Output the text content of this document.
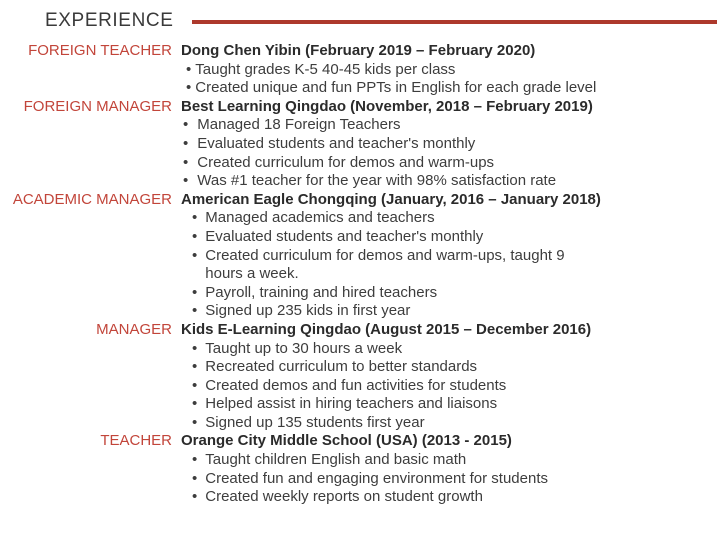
EXPERIENCE
FOREIGN TEACHER Dong Chen Yibin (February 2019 – February 2020)
• Taught grades K-5 40-45 kids per class
• Created unique and fun PPTs in English for each grade level
FOREIGN MANAGER Best Learning Qingdao (November, 2018 – February 2019)
• Managed 18 Foreign Teachers
• Evaluated students and teacher's monthly
• Created curriculum for demos and warm-ups
• Was #1 teacher for the year with 98% satisfaction rate
ACADEMIC MANAGER American Eagle Chongqing (January, 2016 – January 2018)
• Managed academics and teachers
• Evaluated students and teacher's monthly
• Created curriculum for demos and warm-ups, taught 9
hours a week.
• Payroll, training and hired teachers
• Signed up 235 kids in first year
MANAGER Kids E-Learning Qingdao (August 2015 – December 2016)
• Taught up to 30 hours a week
• Recreated curriculum to better standards
• Created demos and fun activities for students
• Helped assist in hiring teachers and liaisons
• Signed up 135 students first year
TEACHER Orange City Middle School (USA) (2013 - 2015)
• Taught children English and basic math
• Created fun and engaging environment for students
• Created weekly reports on student growth
